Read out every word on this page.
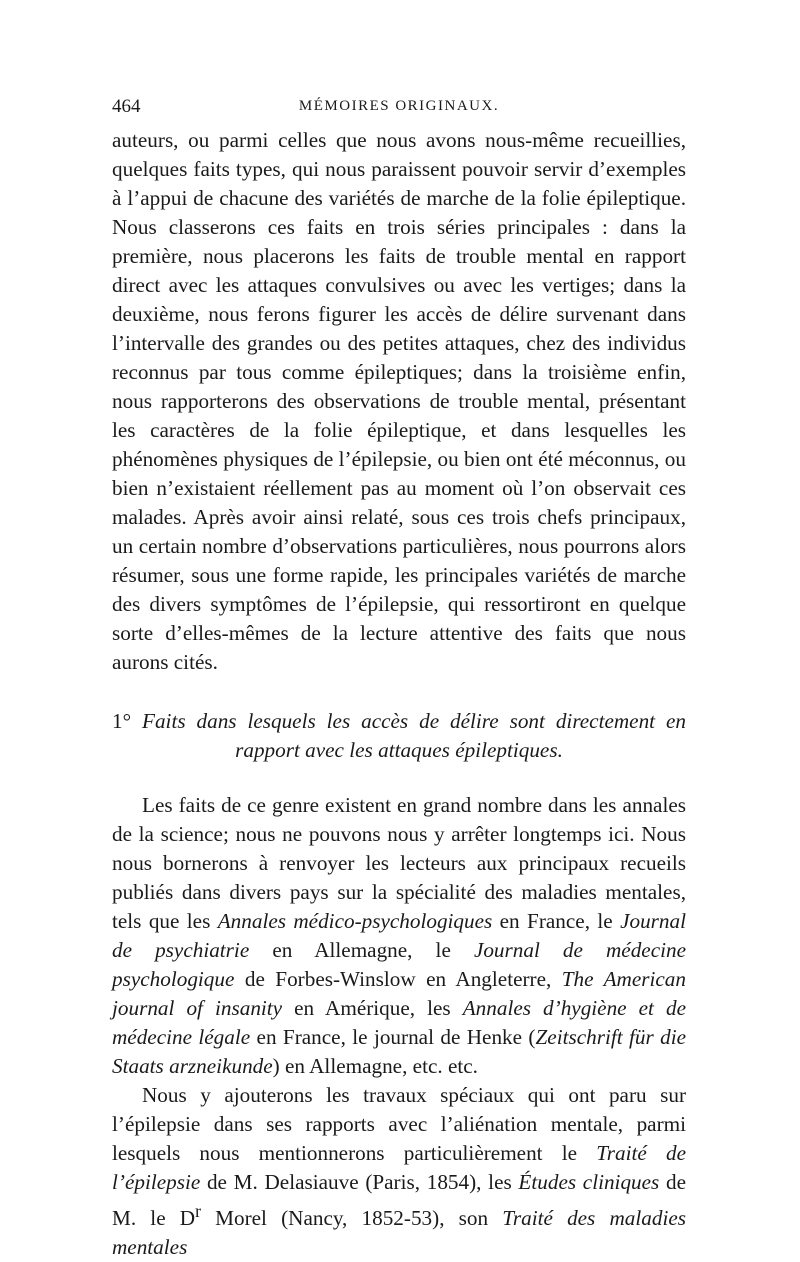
464	MÉMOIRES ORIGINAUX.

auteurs, ou parmi celles que nous avons nous-même recueillies, quelques faits types, qui nous paraissent pouvoir servir d’exemples à l’appui de chacune des variétés de marche de la folie épileptique. Nous classerons ces faits en trois séries principales : dans la première, nous placerons les faits de trouble mental en rapport direct avec les attaques convulsives ou avec les vertiges; dans la deuxième, nous ferons figurer les accès de délire survenant dans l’intervalle des grandes ou des petites attaques, chez des individus reconnus par tous comme épileptiques; dans la troisième enfin, nous rapporterons des observations de trouble mental, présentant les caractères de la folie épileptique, et dans lesquelles les phénomènes physiques de l’épilepsie, ou bien ont été méconnus, ou bien n’existaient réellement pas au moment où l’on observait ces malades. Après avoir ainsi relaté, sous ces trois chefs principaux, un certain nombre d’observations particulières, nous pourrons alors résumer, sous une forme rapide, les principales variétés de marche des divers symptômes de l’épilepsie, qui ressortiront en quelque sorte d’elles-mêmes de la lecture attentive des faits que nous aurons cités.

1° Faits dans lesquels les accès de délire sont directement en
rapport avec les attaques épileptiques.

Les faits de ce genre existent en grand nombre dans les annales de la science; nous ne pouvons nous y arrêter longtemps ici. Nous nous bornerons à renvoyer les lecteurs aux principaux recueils publiés dans divers pays sur la spécialité des maladies mentales, tels que les Annales médico-psychologiques en France, le Journal de psychiatrie en Allemagne, le Journal de médecine psychologique de Forbes-Winslow en Angleterre, The American journal of insanity en Amérique, les Annales d’hygiène et de médecine légale en France, le journal de Henke (Zeitschrift für die Staats arzneikunde) en Allemagne, etc. etc.

Nous y ajouterons les travaux spéciaux qui ont paru sur l’épilepsie dans ses rapports avec l’aliénation mentale, parmi lesquels nous mentionnerons particulièrement le Traité de l’épilepsie de M. Delasiauve (Paris, 1854), les Études cliniques de M. le $D^r$ Morel (Nancy, 1852-53), son Traité des maladies mentales
